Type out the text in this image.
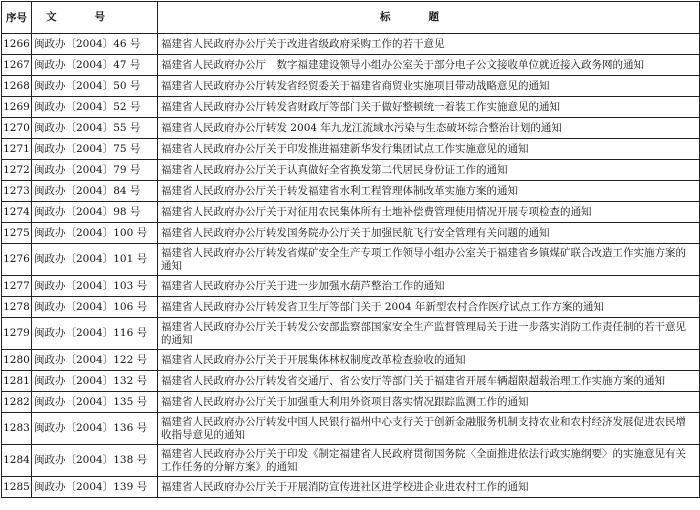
序号	文号	标题
1266	闽政办〔2004〕46 号	福建省人民政府办公厅关于改进省级政府采购工作的若干意见
1267	闽政办〔2004〕47 号	福建省人民政府办公厅　数字福建建设领导小组办公室关于部分电子公文接收单位就近接入政务网的通知
1268	闽政办〔2004〕50 号	福建省人民政府办公厅转发省经贸委关于福建省商贸业实施项目带动战略意见的通知
1269	闽政办〔2004〕52 号	福建省人民政府办公厅转发省财政厅等部门关于做好整顿统一着装工作实施意见的通知
1270	闽政办〔2004〕55 号	福建省人民政府办公厅转发 2004 年九龙江流域水污染与生态破坏综合整治计划的通知
1271	闽政办〔2004〕75 号	福建省人民政府办公厅关于印发推进福建新华发行集团试点工作实施意见的通知
1272	闽政办〔2004〕79 号	福建省人民政府办公厅关于认真做好全省换发第二代居民身份证工作的通知
1273	闽政办〔2004〕84 号	福建省人民政府办公厅关于转发福建省水利工程管理体制改革实施方案的通知
1274	闽政办〔2004〕98 号	福建省人民政府办公厅关于对征用农民集体所有土地补偿费管理使用情况开展专项检查的通知
1275	闽政办〔2004〕100 号	福建省人民政府办公厅转发国务院办公厅关于加强民航飞行安全管理有关问题的通知
1276	闽政办〔2004〕101 号	福建省人民政府办公厅转发省煤矿安全生产专项工作领导小组办公室关于福建省乡镇煤矿联合改造工作实施方案的通知
1277	闽政办〔2004〕103 号	福建省人民政府办公厅关于进一步加强水葫芦整治工作的通知
1278	闽政办〔2004〕106 号	福建省人民政府办公厅转发省卫生厅等部门关于 2004 年新型农村合作医疗试点工作方案的通知
1279	闽政办〔2004〕116 号	福建省人民政府办公厅关于转发公安部监察部国家安全生产监督管理局关于进一步落实消防工作责任制的若干意见的通知
1280	闽政办〔2004〕122 号	福建省人民政府办公厅关于开展集体林权制度改革检查验收的通知
1281	闽政办〔2004〕132 号	福建省人民政府办公厅转发省交通厅、省公安厅等部门关于福建省开展车辆超限超载治理工作实施方案的通知
1282	闽政办〔2004〕135 号	福建省人民政府办公厅关于加强重大利用外资项目落实情况跟踪监测工作的通知
1283	闽政办〔2004〕136 号	福建省人民政府办公厅转发中国人民银行福州中心支行关于创新金融服务机制支持农业和农村经济发展促进农民增收指导意见的通知
1284	闽政办〔2004〕138 号	福建省人民政府办公厅关于印发《制定福建省人民政府贯彻国务院〈全面推进依法行政实施纲要〉的实施意见有关工作任务的分解方案》的通知
1285	闽政办〔2004〕139 号	福建省人民政府办公厅关于开展消防宣传进社区进学校进企业进农村工作的通知
